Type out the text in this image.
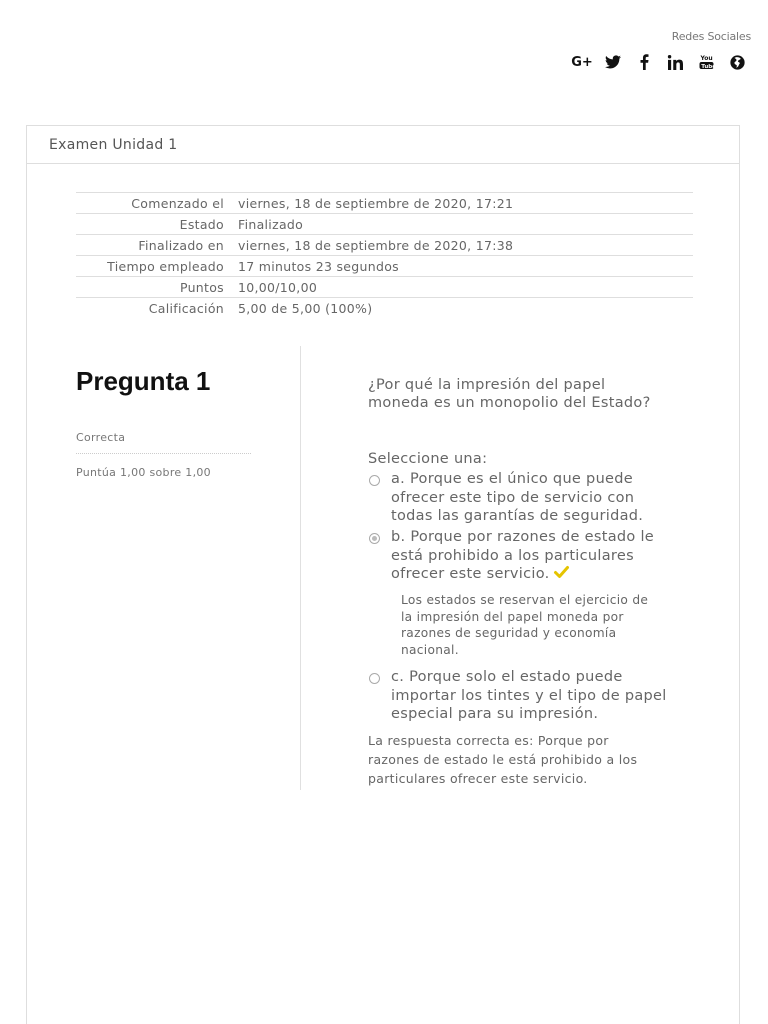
Redes Sociales
G+	You
Tube
Examen Unidad 1
Comenzado el	viernes, 18 de septiembre de 2020, 17:21
Estado	Finalizado
Finalizado en	viernes, 18 de septiembre de 2020, 17:38
Tiempo empleado	17 minutos 23 segundos
Puntos	10,00/10,00
Calificación	5,00 de 5,00 (100%)
Pregunta 1
Correcta
Puntúa 1,00 sobre 1,00
¿Por qué la impresión del papel moneda es un monopolio del Estado?
Seleccione una:
a. Porque es el único que puede ofrecer este tipo de servicio con todas las garantías de seguridad.
b. Porque por razones de estado le está prohibido a los particulares ofrecer este servicio.
Los estados se reservan el ejercicio de la impresión del papel moneda por razones de seguridad y economía nacional.
c. Porque solo el estado puede importar los tintes y el tipo de papel especial para su impresión.
La respuesta correcta es: Porque por razones de estado le está prohibido a los particulares ofrecer este servicio.
